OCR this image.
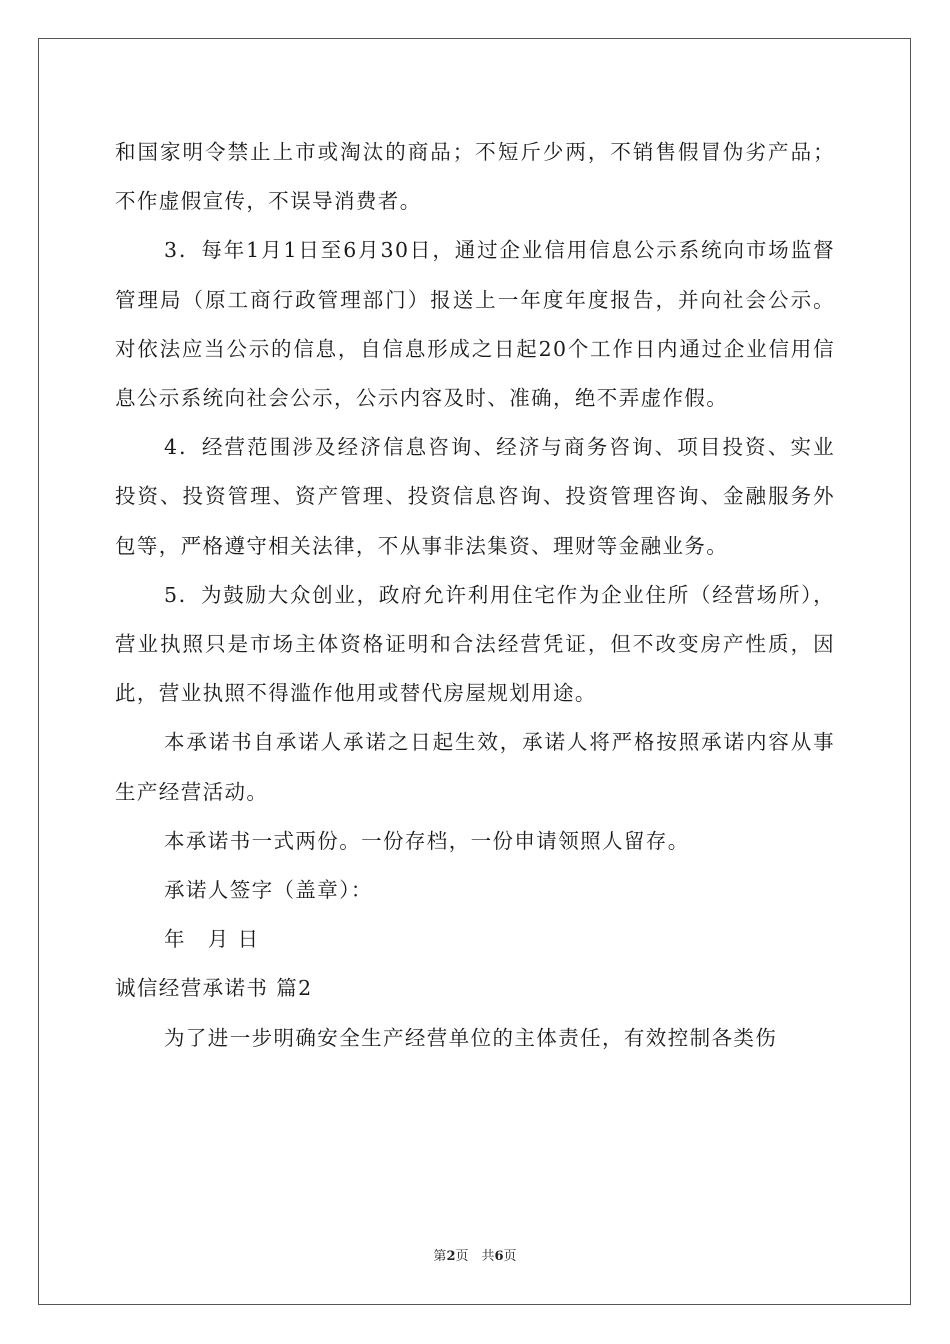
和国家明令禁止上市或淘汰的商品；不短斤少两，不销售假冒伪劣产品；不作虚假宣传，不误导消费者。

3．每年1月1日至6月30日，通过企业信用信息公示系统向市场监督管理局（原工商行政管理部门）报送上一年度年度报告，并向社会公示。对依法应当公示的信息，自信息形成之日起20个工作日内通过企业信用信息公示系统向社会公示，公示内容及时、准确，绝不弄虚作假。

4．经营范围涉及经济信息咨询、经济与商务咨询、项目投资、实业投资、投资管理、资产管理、投资信息咨询、投资管理咨询、金融服务外包等，严格遵守相关法律，不从事非法集资、理财等金融业务。

5．为鼓励大众创业，政府允许利用住宅作为企业住所（经营场所），营业执照只是市场主体资格证明和合法经营凭证，但不改变房产性质，因此，营业执照不得滥作他用或替代房屋规划用途。

本承诺书自承诺人承诺之日起生效，承诺人将严格按照承诺内容从事生产经营活动。

本承诺书一式两份。一份存档，一份申请领照人留存。

承诺人签字（盖章）：

年　月 日

诚信经营承诺书 篇2

为了进一步明确安全生产经营单位的主体责任，有效控制各类伤

第2页　共6页
